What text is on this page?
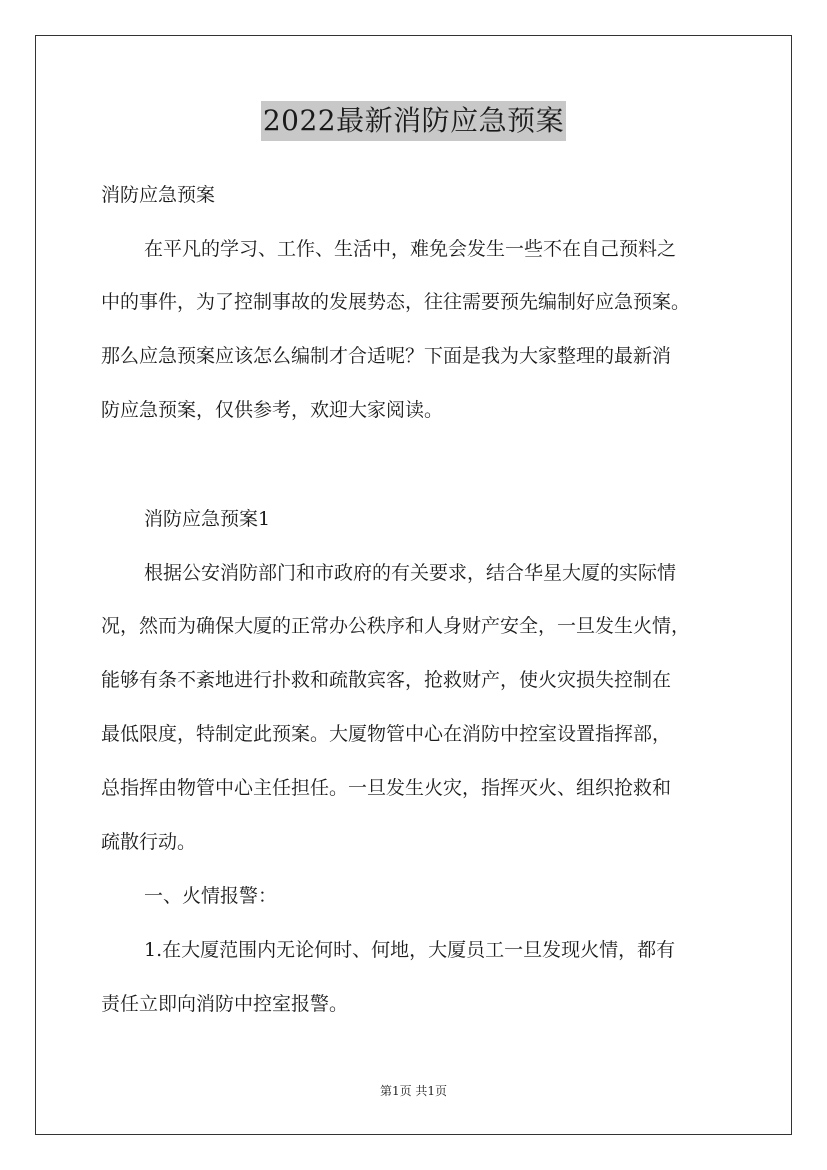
2022最新消防应急预案
消防应急预案
在平凡的学习、工作、生活中，难免会发生一些不在自己预料之
中的事件，为了控制事故的发展势态，往往需要预先编制好应急预案。
那么应急预案应该怎么编制才合适呢？下面是我为大家整理的最新消
防应急预案，仅供参考，欢迎大家阅读。
消防应急预案1
根据公安消防部门和市政府的有关要求，结合华星大厦的实际情
况，然而为确保大厦的正常办公秩序和人身财产安全，一旦发生火情，
能够有条不紊地进行扑救和疏散宾客，抢救财产，使火灾损失控制在
最低限度，特制定此预案。大厦物管中心在消防中控室设置指挥部，
总指挥由物管中心主任担任。一旦发生火灾，指挥灭火、组织抢救和
疏散行动。
一、火情报警：
1.在大厦范围内无论何时、何地，大厦员工一旦发现火情，都有
责任立即向消防中控室报警。
第1页 共1页
